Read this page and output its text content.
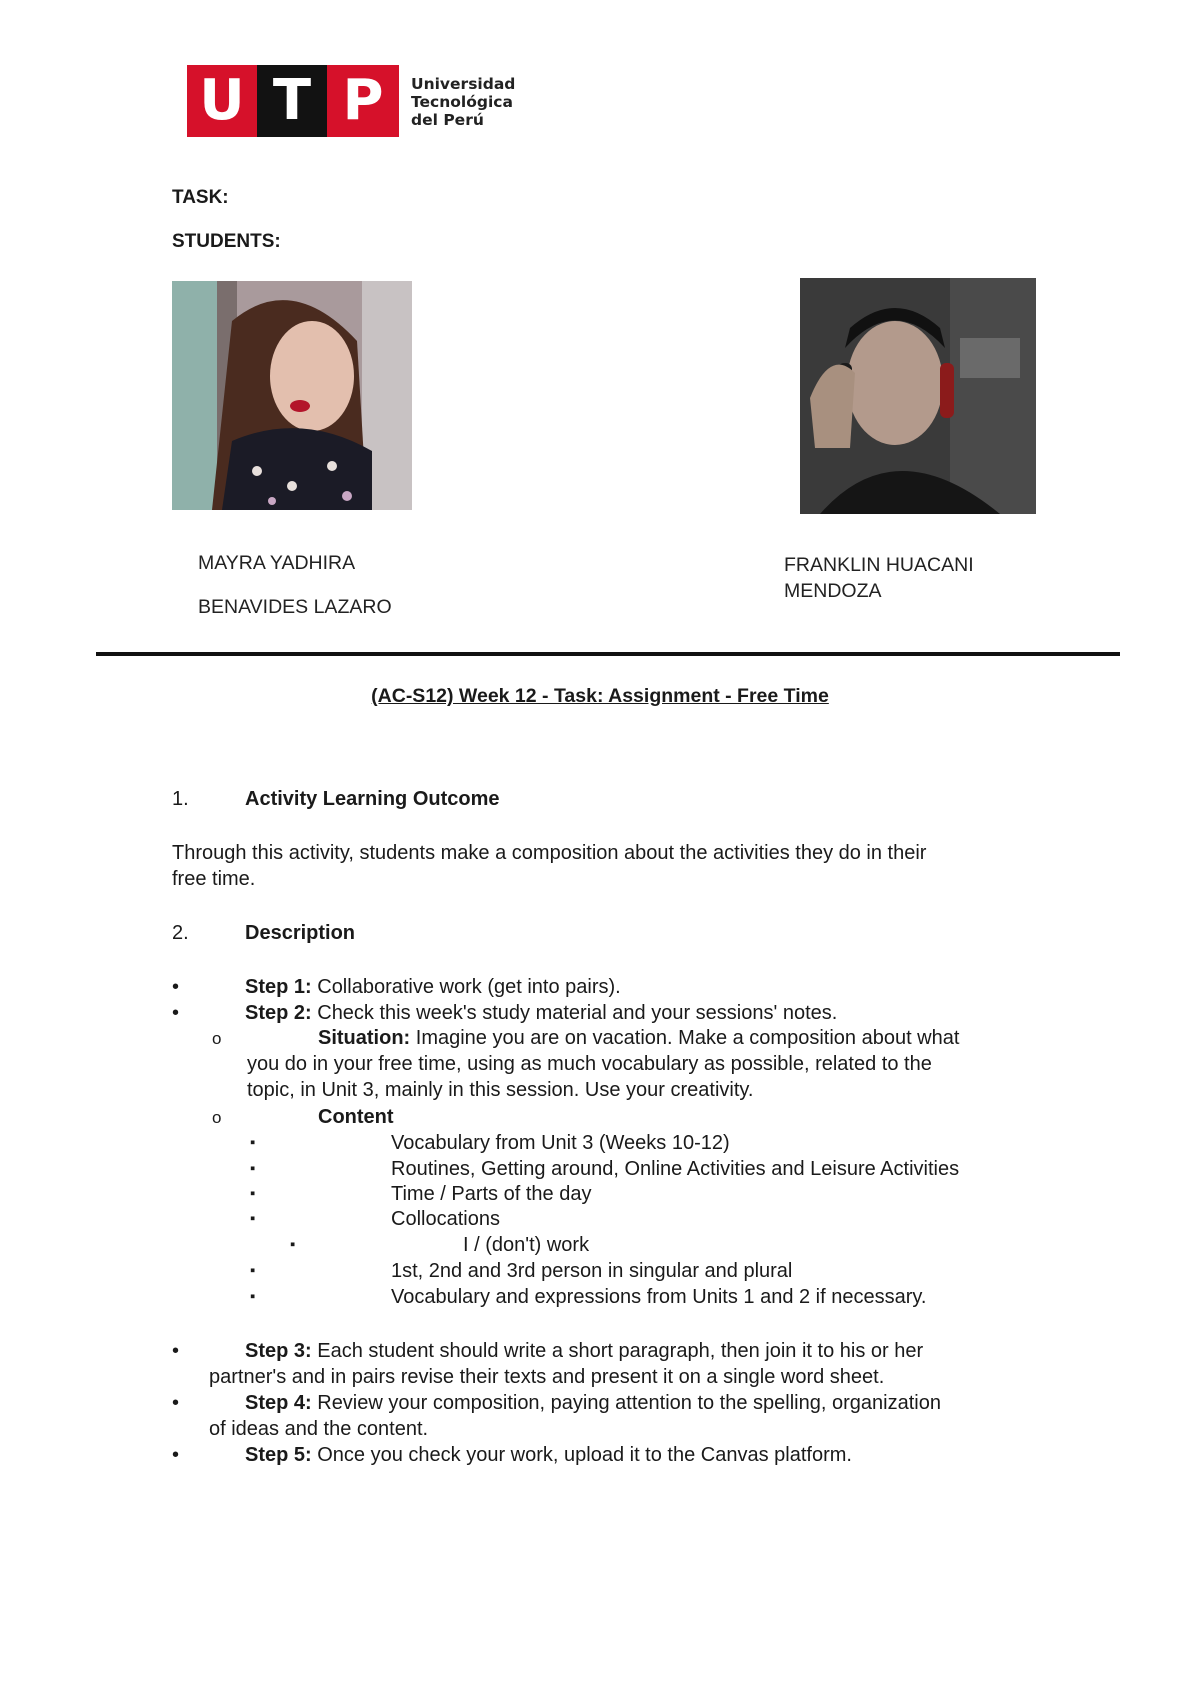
U T P	Universidad
Tecnológica
del Perú
TASK:
STUDENTS:
MAYRA YADHIRA
BENAVIDES LAZARO
FRANKLIN HUACANI
MENDOZA
(AC-S12) Week 12 - Task: Assignment - Free Time
1.	Activity Learning Outcome
Through this activity, students make a composition about the activities they do in their
free time.
2.	Description
•	Step 1: Collaborative work (get into pairs).
•	Step 2: Check this week's study material and your sessions' notes.
o	Situation: Imagine you are on vacation. Make a composition about what
you do in your free time, using as much vocabulary as possible, related to the
topic, in Unit 3, mainly in this session. Use your creativity.
o	Content
▪	Vocabulary from Unit 3 (Weeks 10-12)
▪	Routines, Getting around, Online Activities and Leisure Activities
▪	Time / Parts of the day
▪	Collocations
▪	I / (don't) work
▪	1st, 2nd and 3rd person in singular and plural
▪	Vocabulary and expressions from Units 1 and 2 if necessary.
•	Step 3: Each student should write a short paragraph, then join it to his or her
partner's and in pairs revise their texts and present it on a single word sheet.
•	Step 4: Review your composition, paying attention to the spelling, organization
of ideas and the content.
•	Step 5: Once you check your work, upload it to the Canvas platform.
